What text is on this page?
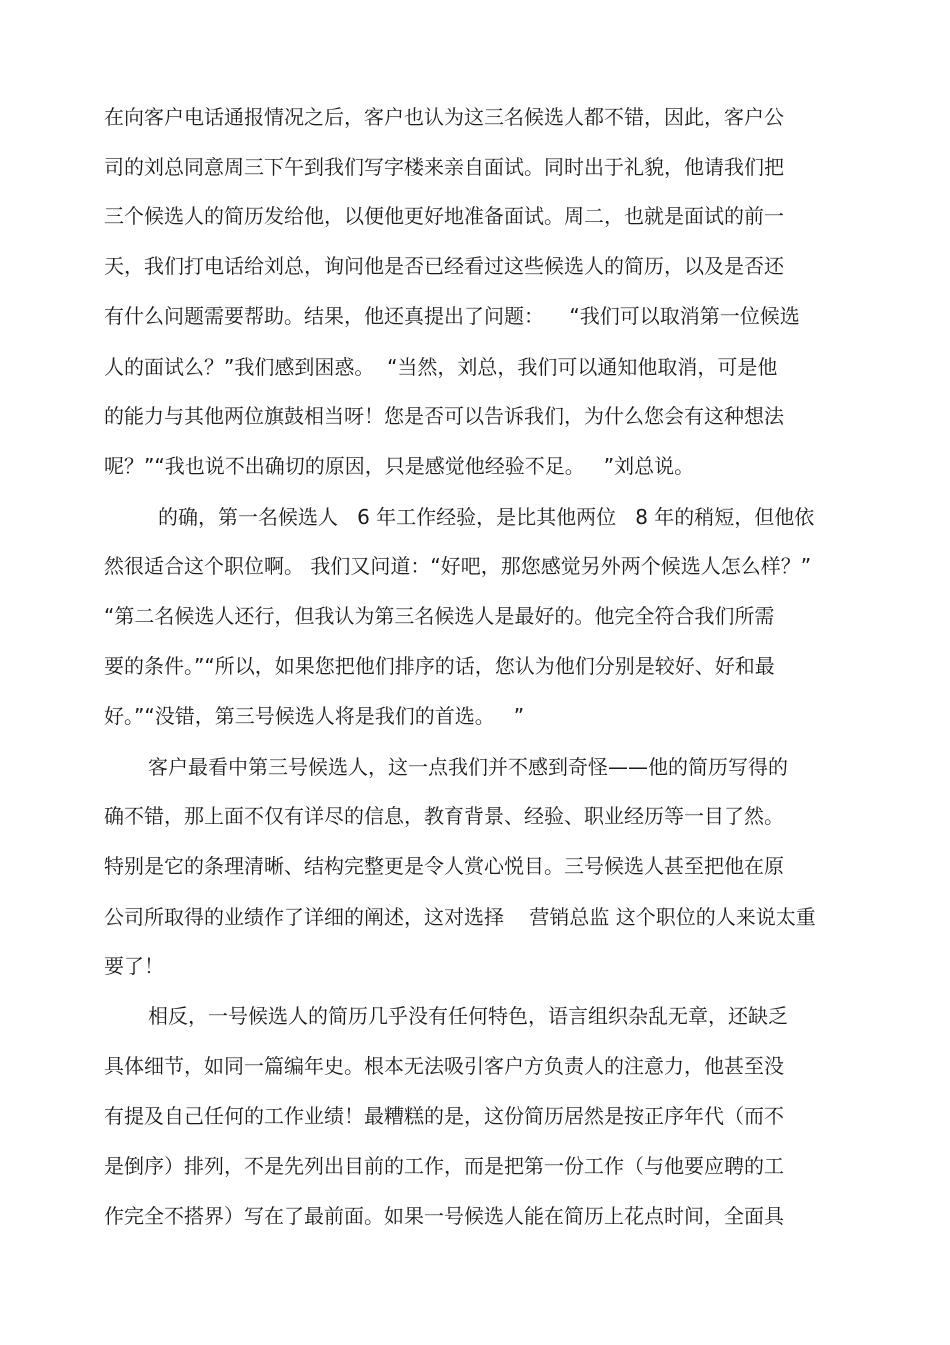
在向客户电话通报情况之后，客户也认为这三名候选人都不错，因此，客户公
司的刘总同意周三下午到我们写字楼来亲自面试。同时出于礼貌，他请我们把
三个候选人的简历发给他，以便他更好地准备面试。周二，也就是面试的前一
天，我们打电话给刘总，询问他是否已经看过这些候选人的简历，以及是否还
有什么问题需要帮助。结果，他还真提出了问题：    “我们可以取消第一位候选
人的面试么？”我们感到困惑。  “当然，刘总，我们可以通知他取消，可是他
的能力与其他两位旗鼓相当呀！您是否可以告诉我们，为什么您会有这种想法
呢？”“我也说不出确切的原因，只是感觉他经验不足。   ”刘总说。
的确，第一名候选人   6 年工作经验，是比其他两位   8 年的稍短，但他依
然很适合这个职位啊。 我们又问道：“好吧，那您感觉另外两个候选人怎么样？”
“第二名候选人还行，但我认为第三名候选人是最好的。他完全符合我们所需
要的条件。”“所以，如果您把他们排序的话，您认为他们分别是较好、好和最
好。”“没错，第三号候选人将是我们的首选。   ”
客户最看中第三号候选人，这一点我们并不感到奇怪——他的简历写得的
确不错，那上面不仅有详尽的信息，教育背景、经验、职业经历等一目了然。
特别是它的条理清晰、结构完整更是令人赏心悦目。三号候选人甚至把他在原
公司所取得的业绩作了详细的阐述，这对选择    营销总监 这个职位的人来说太重
要了！
相反，一号候选人的简历几乎没有任何特色，语言组织杂乱无章，还缺乏
具体细节，如同一篇编年史。根本无法吸引客户方负责人的注意力，他甚至没
有提及自己任何的工作业绩！最糟糕的是，这份简历居然是按正序年代（而不
是倒序）排列，不是先列出目前的工作，而是把第一份工作（与他要应聘的工
作完全不搭界）写在了最前面。如果一号候选人能在简历上花点时间，全面具
